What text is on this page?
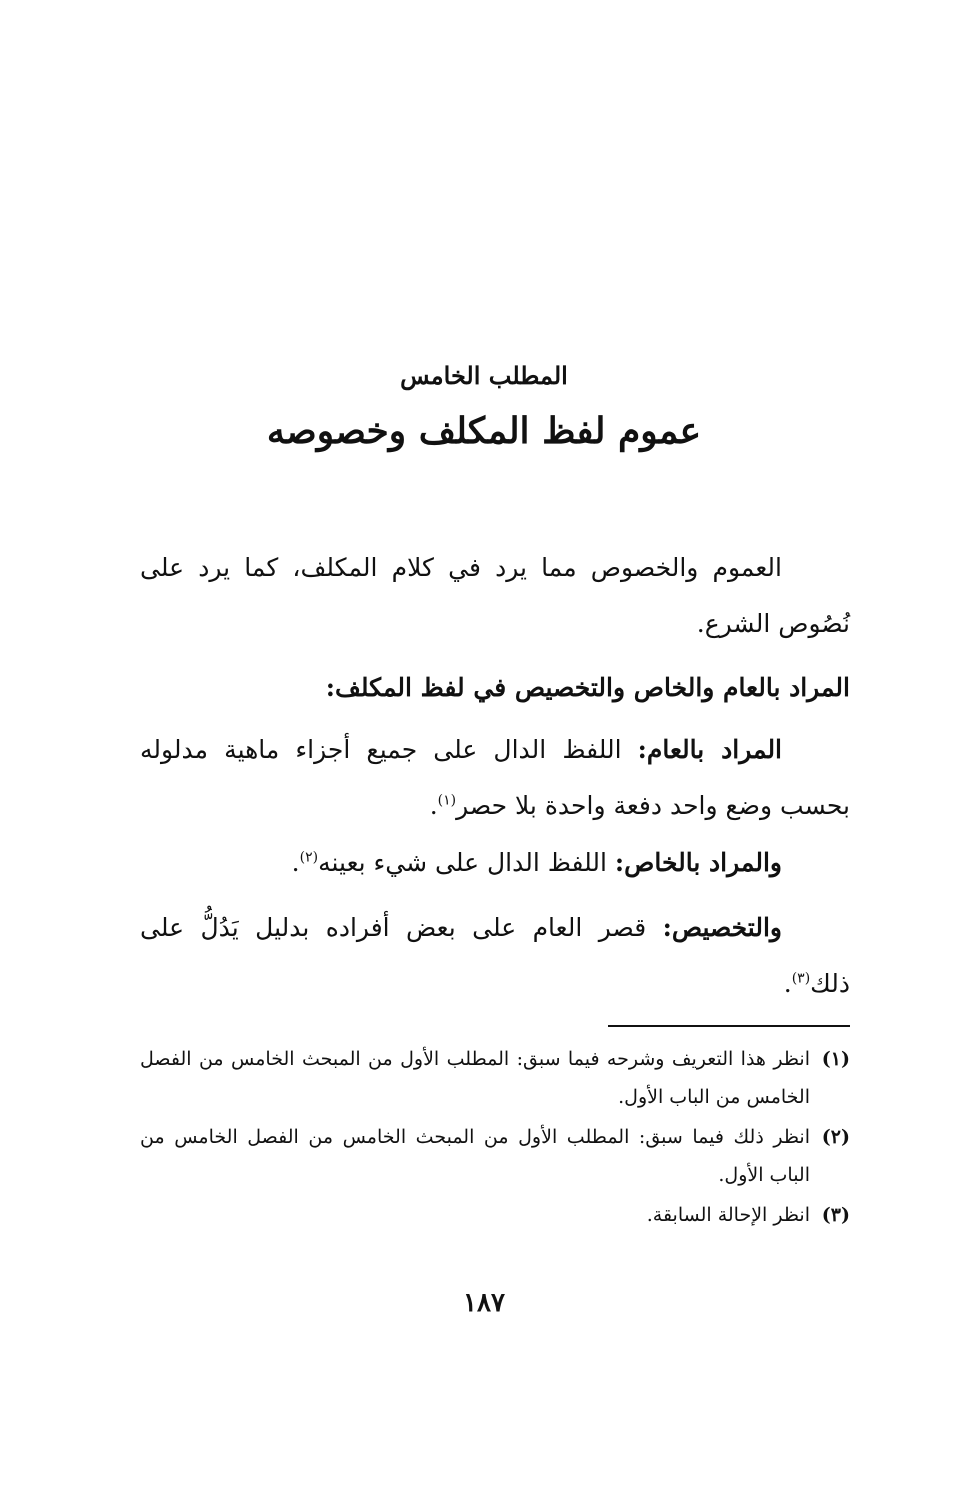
المطلب الخامس
عموم لفظ المكلف وخصوصه

العموم والخصوص مما يرد في كلام المكلف، كما يرد على نُصُوص الشرع.

المراد بالعام والخاص والتخصيص في لفظ المكلف:

المراد بالعام: اللفظ الدال على جميع أجزاء ماهية مدلوله بحسب وضع واحد دفعة واحدة بلا حصر$^{(١)}$.

والمراد بالخاص: اللفظ الدال على شيء بعينه$^{(٢)}$.

والتخصيص: قصر العام على بعض أفراده بدليل يَدُلُّ على ذلك$^{(٣)}$.

(١)
انظر هذا التعريف وشرحه فيما سبق: المطلب الأول من المبحث الخامس من الفصل الخامس من الباب الأول.
(٢)
انظر ذلك فيما سبق: المطلب الأول من المبحث الخامس من الفصل الخامس من الباب الأول.
(٣)
انظر الإحالة السابقة.

١٨٧
